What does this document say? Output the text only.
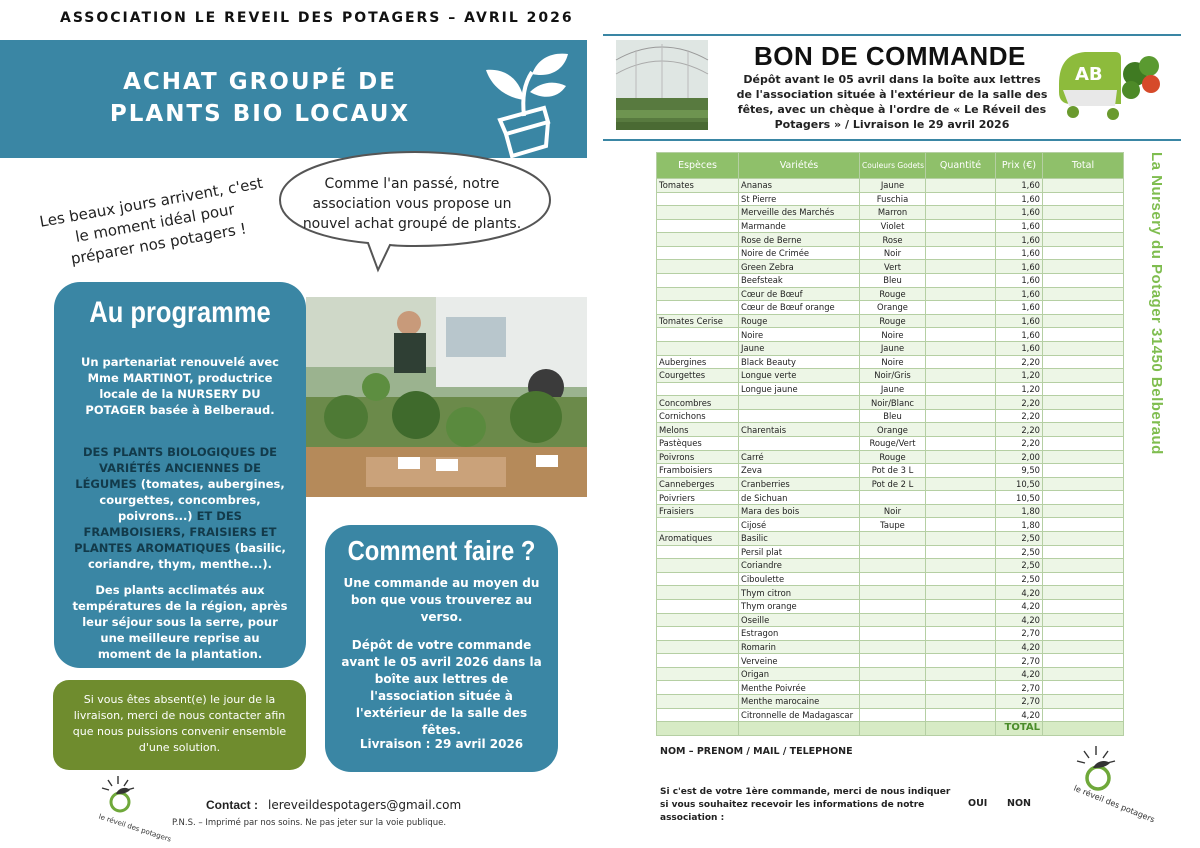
ASSOCIATION LE REVEIL DES POTAGERS – AVRIL 2026
ACHAT GROUPÉ DE PLANTS BIO LOCAUX
Les beaux jours arrivent, c'est le moment idéal pour préparer nos potagers !
Comme l'an passé, notre association vous propose un nouvel achat groupé de plants.
Au programme
Un partenariat renouvelé avec Mme MARTINOT, productrice locale de la NURSERY DU POTAGER basée à Belberaud.
DES PLANTS BIOLOGIQUES DE VARIÉTÉS ANCIENNES DE LÉGUMES (tomates, aubergines, courgettes, concombres, poivrons...) ET DES FRAMBOISIERS, FRAISIERS ET PLANTES AROMATIQUES (basilic, coriandre, thym, menthe...).
Des plants acclimatés aux températures de la région, après leur séjour sous la serre, pour une meilleure reprise au moment de la plantation.
Si vous êtes absent(e) le jour de la livraison, merci de nous contacter afin que nous puissions convenir ensemble d'une solution.
Comment faire ?
Une commande au moyen du bon que vous trouverez au verso.
Dépôt de votre commande avant le 05 avril 2026 dans la boîte aux lettres de l'association située à l'extérieur de la salle des fêtes.
Livraison : 29 avril 2026
le réveil des potagers
Contact : lereveildespotagers@gmail.com
P.N.S. – Imprimé par nos soins. Ne pas jeter sur la voie publique.
BON DE COMMANDE
Dépôt avant le 05 avril dans la boîte aux lettres de l'association située à l'extérieur de la salle des fêtes, avec un chèque à l'ordre de « Le Réveil des Potagers » / Livraison le 29 avril 2026
AB
Espèces	Variétés	Couleurs Godets	Quantité	Prix (€)	Total
Tomates	Ananas	Jaune		1,60	
	St Pierre	Fuschia		1,60	
	Merveille des Marchés	Marron		1,60	
	Marmande	Violet		1,60	
	Rose de Berne	Rose		1,60	
	Noire de Crimée	Noir		1,60	
	Green Zebra	Vert		1,60	
	Beefsteak	Bleu		1,60	
	Cœur de Bœuf	Rouge		1,60	
	Cœur de Bœuf orange	Orange		1,60	
Tomates Cerise	Rouge	Rouge		1,60	
	Noire	Noire		1,60	
	Jaune	Jaune		1,60	
Aubergines	Black Beauty	Noire		2,20	
Courgettes	Longue verte	Noir/Gris		1,20	
	Longue jaune	Jaune		1,20	
Concombres		Noir/Blanc		2,20	
Cornichons		Bleu		2,20	
Melons	Charentais	Orange		2,20	
Pastèques		Rouge/Vert		2,20	
Poivrons	Carré	Rouge		2,00	
Framboisiers	Zeva	Pot de 3 L		9,50	
Canneberges	Cranberries	Pot de 2 L		10,50	
Poivriers	de Sichuan			10,50	
Fraisiers	Mara des bois	Noir		1,80	
	Cijosé	Taupe		1,80	
Aromatiques	Basilic			2,50	
	Persil plat			2,50	
	Coriandre			2,50	
	Ciboulette			2,50	
	Thym citron			4,20	
	Thym orange			4,20	
	Oseille			4,20	
	Estragon			2,70	
	Romarin			4,20	
	Verveine			2,70	
	Origan			4,20	
	Menthe Poivrée			2,70	
	Menthe marocaine			2,70	
	Citronnelle de Madagascar			4,20	
				TOTAL	
La Nursery du Potager 31450 Belberaud
NOM – PRENOM / MAIL / TELEPHONE
Si c'est de votre 1ère commande, merci de nous indiquer si vous souhaitez recevoir les informations de notre association :
OUI NON	le réveil des potagers
